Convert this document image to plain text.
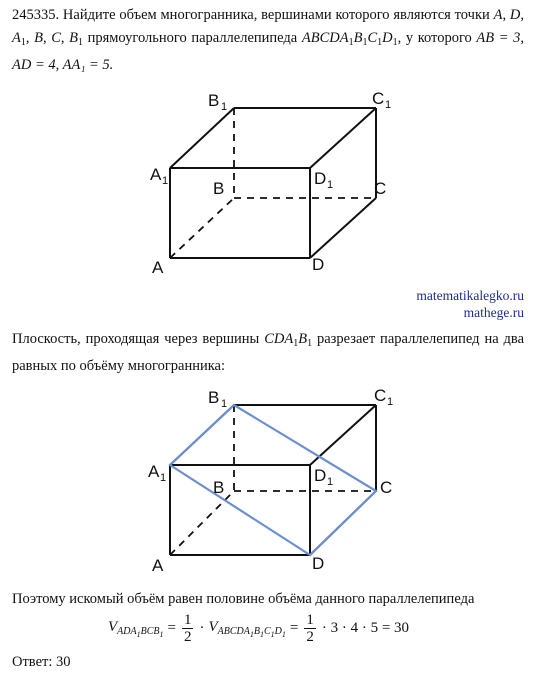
245335. Найдите объем многогранника, вершинами которого являются точки A, D, $A_1$, B, C, $B_1$ прямоугольного параллелепипеда $ABCDA_1B_1C_1D_1$, у которого AB = 3, AD = 4, AA₁ = 5.

B 1	C 1
A 1	B
D 1 C
A	D
matematikalegko.ru
mathege.ru

Плоскость, проходящая через вершины $CDA_1B_1$ разрезает параллелепипед на два равных по объёму многогранника:

B 1	C 1
A 1	B
D 1	C
A	D

Поэтому искомый объём равен половине объёма данного параллелепипеда

$V_{ADA_1BCB_1} = \frac{1}{2} \cdot V_{ABCDA_1B_1C_1D_1} = \frac{1}{2} \cdot 3 \cdot 4 \cdot 5 = 30$
Ответ: 30
